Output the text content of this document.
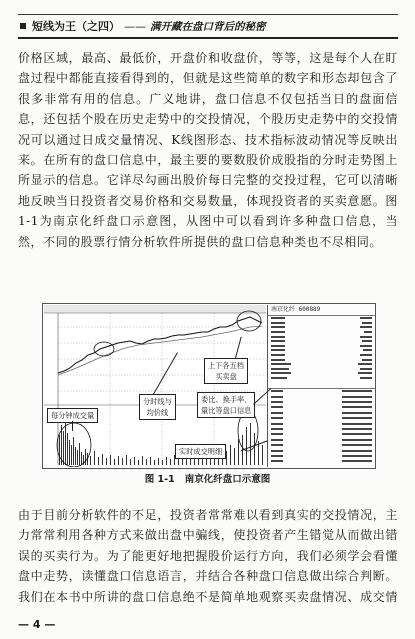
短线为王（之四） —— 满开藏在盘口背后的秘密
价格区域，最高、最低价，开盘价和收盘价，等等，这是每个人在盯盘过程中都能直接看得到的，但就是这些简单的数字和形态却包含了很多非常有用的信息。广义地讲，盘口信息不仅包括当日的盘面信息，还包括个股在历史走势中的交投情况，个股历史走势中的交投情况可以通过日成交量情况、K线图形态、技术指标波动情况等反映出来。在所有的盘口信息中，最主要的要数股价成股指的分时走势图上所显示的信息。它详尽勾画出股价每日完整的交投过程，它可以清晰地反映当日投资者交易价格和交易数量，体现投资者的买卖意愿。图1-1为南京化纤盘口示意图，从图中可以看到许多种盘口信息，当然，不同的股票行情分析软件所提供的盘口信息种类也不尽相同。
南京化纤 600889
上下各五档
买卖盘
分时线与
均价线
委比、换手率、
量比等盘口信息
每分钟成交量
实时成交明细
图 1-1 南京化纤盘口示意图
由于目前分析软件的不足，投资者常常难以看到真实的交投情况，主力常常利用各种方式来做出盘中骗线，使投资者产生错觉从而做出错误的买卖行为。为了能更好地把握股价运行方向，我们必须学会看懂盘中走势，读懂盘口信息语言，并结合各种盘口信息做出综合判断。我们在本书中所讲的盘口信息绝不是简单地观察买卖盘情况、成交情
— 4 —
